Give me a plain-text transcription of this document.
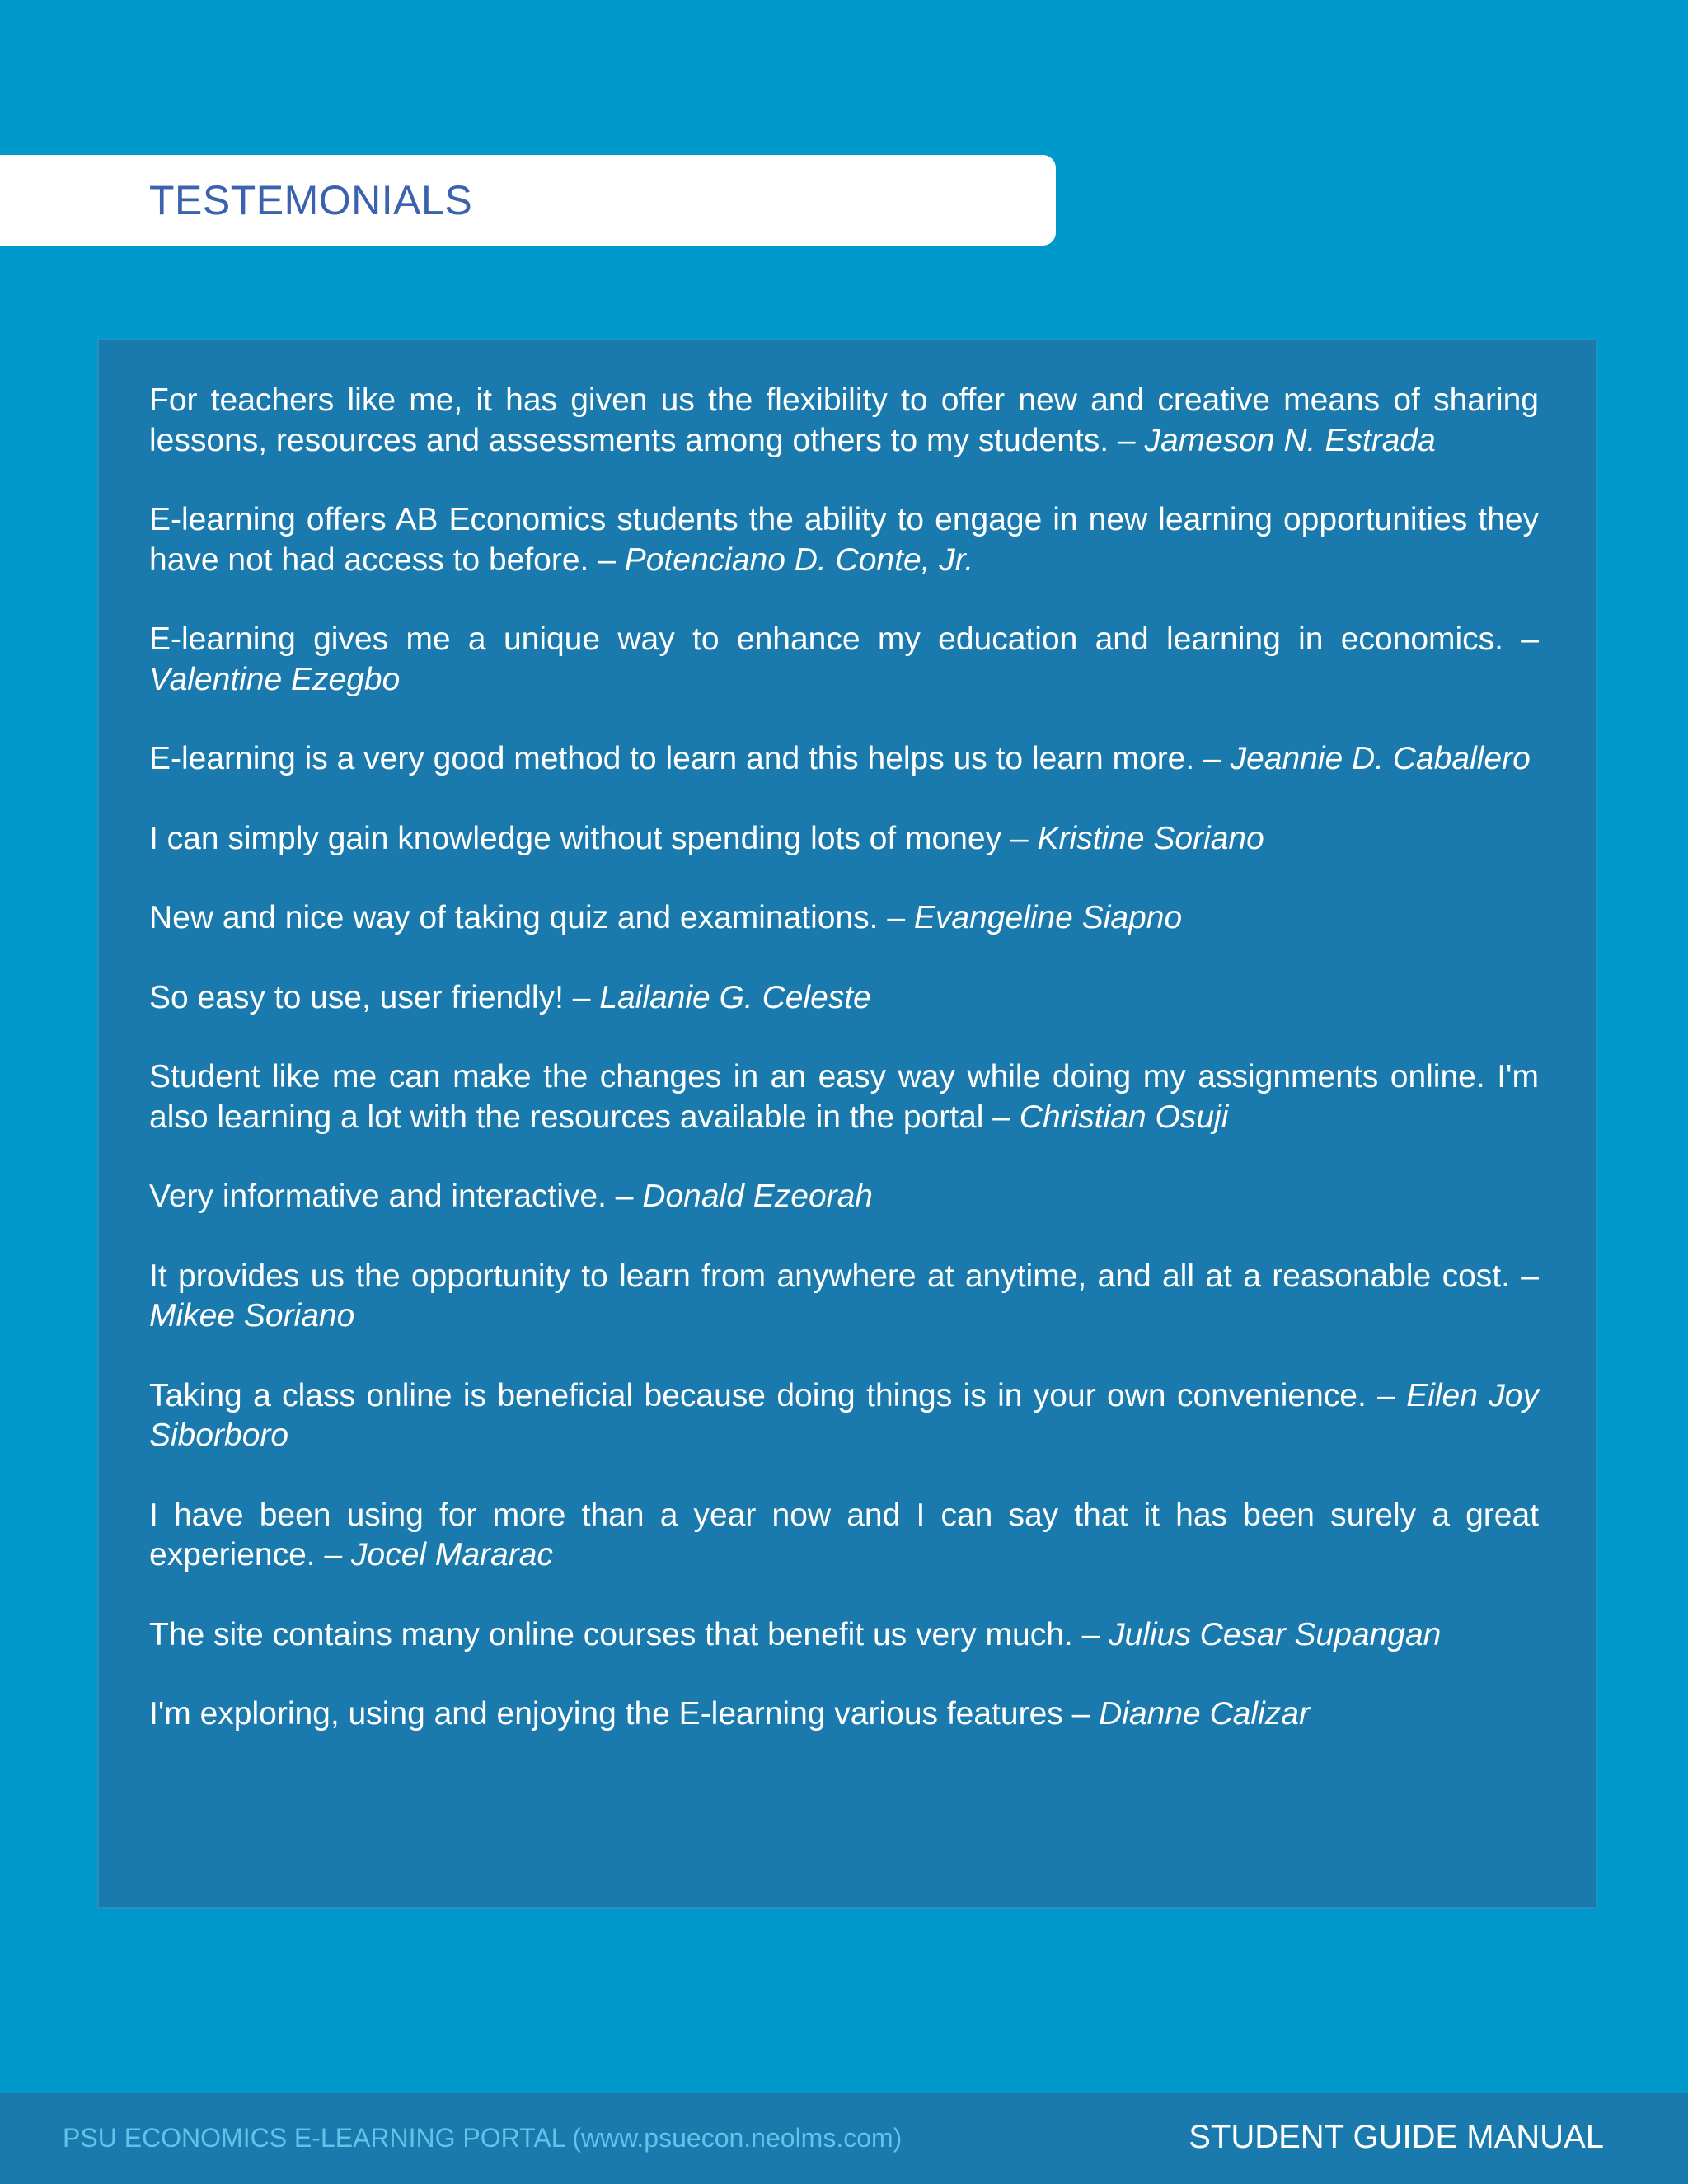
TESTEMONIALS
For teachers like me, it has given us the flexibility to offer new and creative means of sharing lessons, resources and assessments among others to my students. – Jameson N. Estrada
E-learning offers AB Economics students the ability to engage in new learning opportunities they have not had access to before. – Potenciano D. Conte, Jr.
E-learning gives me a unique way to enhance my education and learning in economics. – Valentine Ezegbo
E-learning is a very good method to learn and this helps us to learn more. – Jeannie D. Caballero
I can simply gain knowledge without spending lots of money – Kristine Soriano
New and nice way of taking quiz and examinations. – Evangeline Siapno
So easy to use, user friendly! – Lailanie G. Celeste
Student like me can make the changes in an easy way while doing my assignments online. I'm also learning a lot with the resources available in the portal – Christian Osuji
Very informative and interactive. – Donald Ezeorah
It provides us the opportunity to learn from anywhere at anytime, and all at a reasonable cost. – Mikee Soriano
Taking a class online is beneficial because doing things is in your own convenience. – Eilen Joy Siborboro
I have been using for more than a year now and I can say that it has been surely a great experience. – Jocel Mararac
The site contains many online courses that benefit us very much. – Julius Cesar Supangan
I'm exploring, using and enjoying the E-learning various features – Dianne Calizar
PSU ECONOMICS E-LEARNING PORTAL (www.psuecon.neolms.com)	STUDENT GUIDE MANUAL
